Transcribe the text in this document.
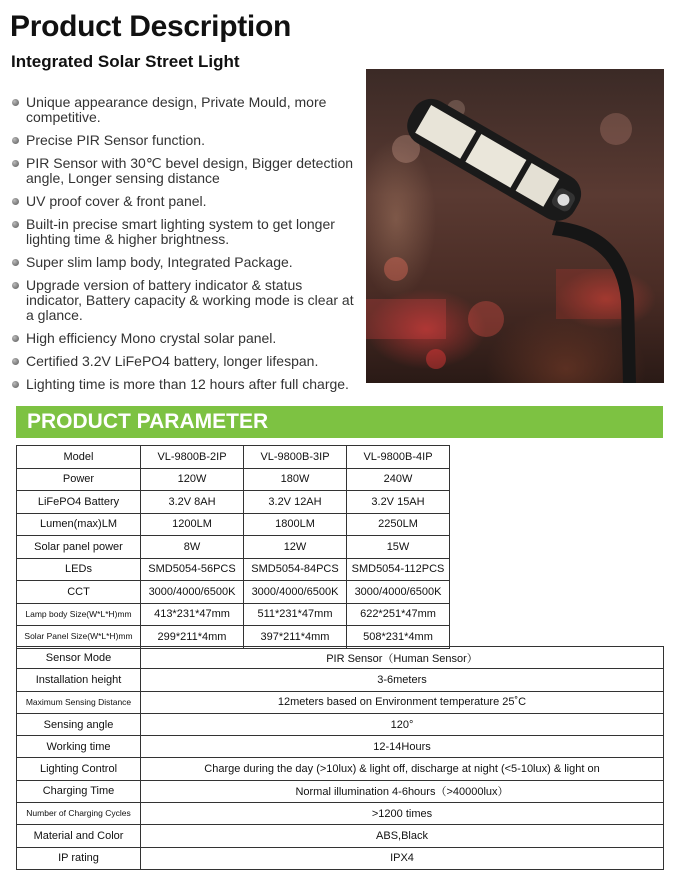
Product Description
Integrated Solar Street Light
Unique appearance design, Private Mould, more competitive.
Precise PIR Sensor function.
PIR Sensor with 30℃ bevel design, Bigger detection angle, Longer sensing distance
UV proof cover & front panel.
Built-in precise smart lighting system to get longer lighting time & higher brightness.
Super slim lamp body, Integrated Package.
Upgrade version of battery indicator & status indicator, Battery capacity & working mode is clear at a glance.
High efficiency Mono crystal solar panel.
Certified 3.2V LiFePO4 battery, longer lifespan.
Lighting time is more than 12 hours after full charge.
PRODUCT PARAMETER
Model	VL-9800B-2IP	VL-9800B-3IP	VL-9800B-4IP
Power	120W	180W	240W
LiFePO4 Battery	3.2V 8AH	3.2V 12AH	3.2V 15AH
Lumen(max)LM	1200LM	1800LM	2250LM
Solar panel power	8W	12W	15W
LEDs	SMD5054-56PCS	SMD5054-84PCS	SMD5054-112PCS
CCT	3000/4000/6500K	3000/4000/6500K	3000/4000/6500K
Lamp body Size(W*L*H)mm	413*231*47mm	511*231*47mm	622*251*47mm
Solar Panel Size(W*L*H)mm	299*211*4mm	397*211*4mm	508*231*4mm
Sensor Mode	PIR Sensor（Human Sensor）
Installation height	3-6meters
Maximum Sensing Distance	12meters based on Environment temperature 25˚C
Sensing angle	120°
Working time	12-14Hours
Lighting Control	Charge during the day (>10lux) & light off, discharge at night (<5-10lux) & light on
Charging Time	Normal illumination 4-6hours（>40000lux）
Number of Charging Cycles	>1200 times
Material and Color	ABS,Black
IP rating	IPX4
